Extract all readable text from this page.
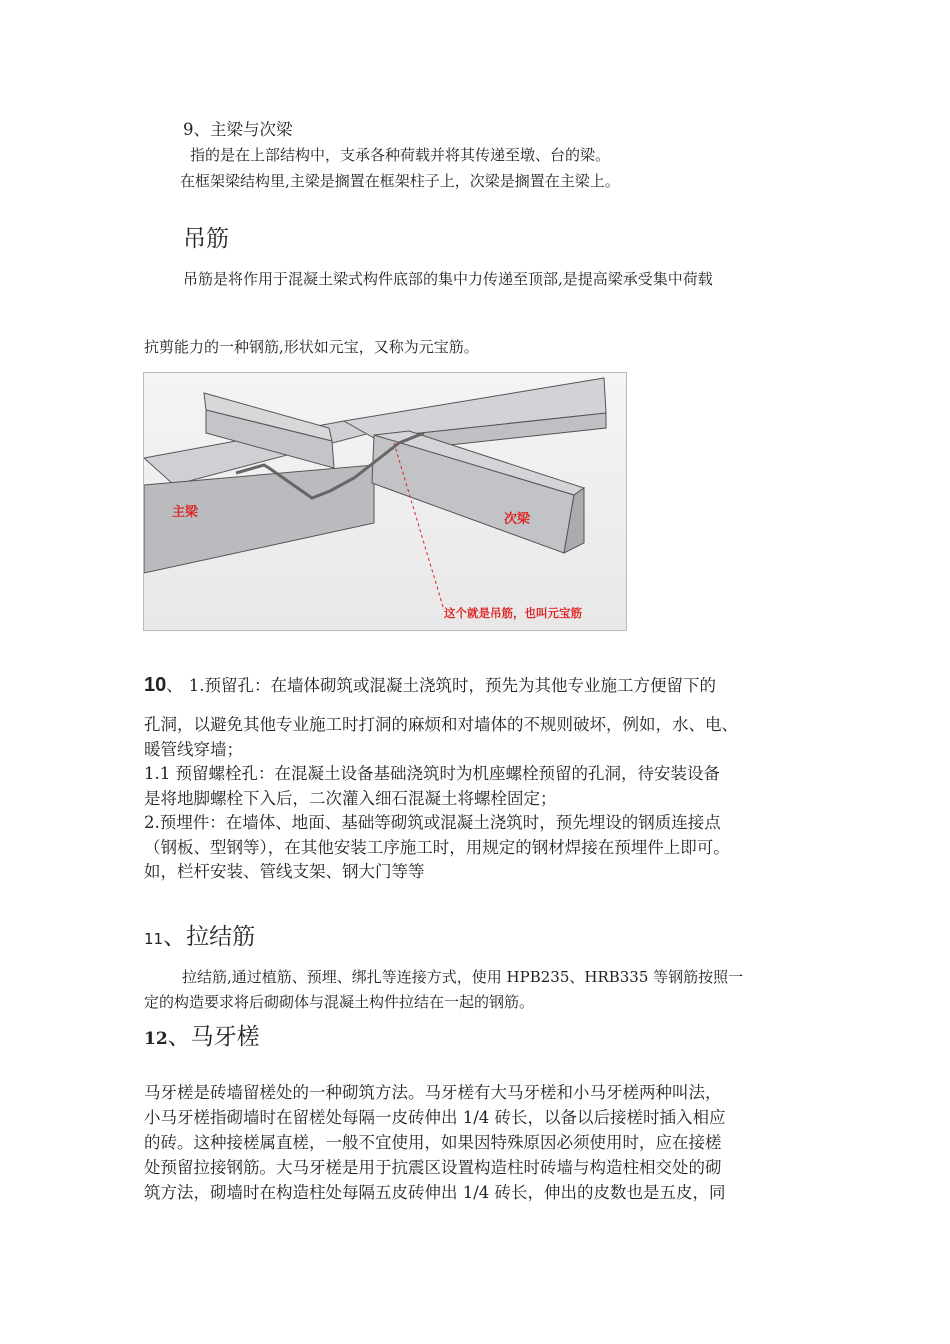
9、主梁与次梁
指的是在上部结构中，支承各种荷载并将其传递至墩、台的梁。
在框架梁结构里,主梁是搁置在框架柱子上，次梁是搁置在主梁上。
吊筋
吊筋是将作用于混凝土梁式构件底部的集中力传递至顶部,是提高梁承受集中荷载
抗剪能力的一种钢筋,形状如元宝，又称为元宝筋。
主梁	次梁
这个就是吊筋，也叫元宝筋
10、 1.预留孔：在墙体砌筑或混凝土浇筑时，预先为其他专业施工方便留下的
孔洞，以避免其他专业施工时打洞的麻烦和对墙体的不规则破坏，例如，水、电、
暖管线穿墙；
1.1 预留螺栓孔：在混凝土设备基础浇筑时为机座螺栓预留的孔洞，待安装设备
是将地脚螺栓下入后，二次灌入细石混凝土将螺栓固定；
2.预埋件：在墙体、地面、基础等砌筑或混凝土浇筑时，预先埋设的钢质连接点
（钢板、型钢等），在其他安装工序施工时，用规定的钢材焊接在预埋件上即可。
如，栏杆安装、管线支架、钢大门等等
11、拉结筋
拉结筋,通过植筋、预埋、绑扎等连接方式，使用 HPB235、HRB335 等钢筋按照一
定的构造要求将后砌砌体与混凝土构件拉结在一起的钢筋。
12、马牙槎
马牙槎是砖墙留槎处的一种砌筑方法。马牙槎有大马牙槎和小马牙槎两种叫法，
小马牙槎指砌墙时在留槎处每隔一皮砖伸出 1/4 砖长，以备以后接槎时插入相应
的砖。这种接槎属直槎，一般不宜使用，如果因特殊原因必须使用时，应在接槎
处预留拉接钢筋。大马牙槎是用于抗震区设置构造柱时砖墙与构造柱相交处的砌
筑方法，砌墙时在构造柱处每隔五皮砖伸出 1/4 砖长，伸出的皮数也是五皮，同
